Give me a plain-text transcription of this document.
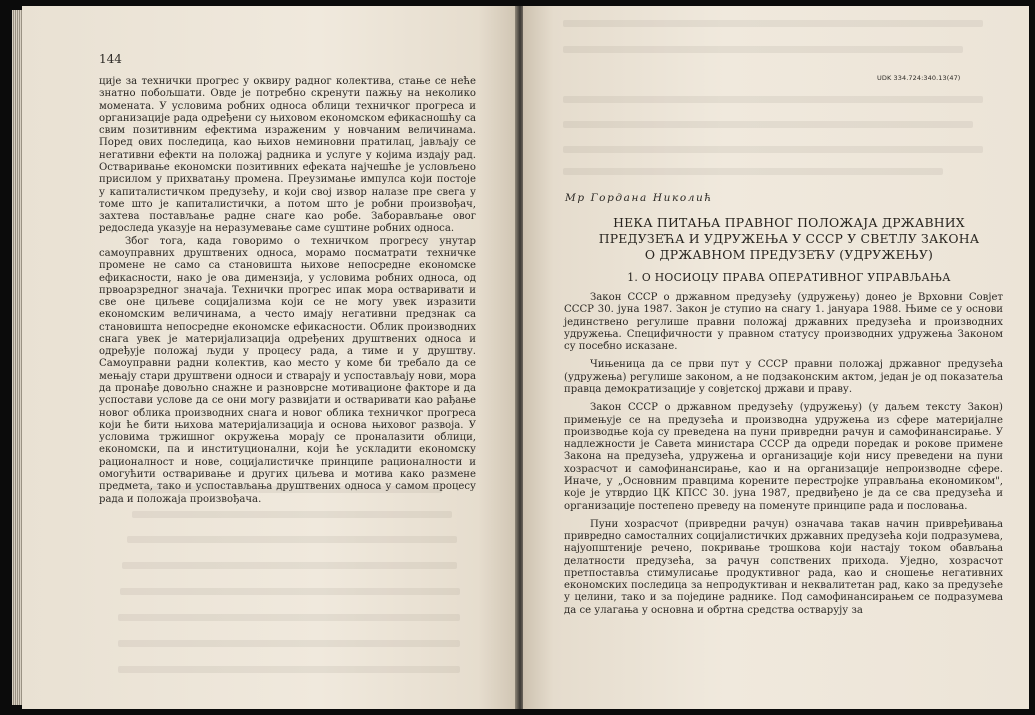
144

ције за технички прогрес у оквиру радног колектива, стање се неће знатно побољшати. Овде је потребно скренути пажњу на неколико момената. У условима робних односа облици техничког прогреса и организације рада одређени су њиховом економском ефикасношћу са свим позитивним ефектима израженим у новчаним величинама. Поред ових последица, као њихов неминовни пратилац, јављају се негативни ефекти на положај радника и услуге у којима издају рад. Остваривање економски позитивних ефеката најчешће је условљено присилом у прихватању промена. Преузимање импулса који постоје у капиталистичком предузећу, и који свој извор налазе пре свега у томе што је капиталистички, а потом што је робни произвођач, захтева постављање радне снаге као робе. Заборављање овог редоследа указује на неразумевање саме суштине робних односа.

Због тога, када говоримо о техничком прогресу унутар самоуправних друштвених односа, морамо посматрати техничке промене не само са становишта њихове непосредне економске ефикасности, нако је ова димензија, у условима робних односа, од првоарзредног значаја. Технички прогрес ипак мора остваривати и све оне циљеве социјализма који се не могу увек изразити економским величинама, а често имају негативни предзнак са становишта непосредне економске ефикасности. Облик производних снага увек је материјализација одређених друштвених односа и одређује положај људи у процесу рада, а тиме и у друштву. Самоуправни радни колектив, као место у коме би требало да се мењају стари друштвени односи и стварају и успостављају нови, мора да пронађе довољно снажне и разноврсне мотивационе факторе и да успостави услове да се они могу развијати и остваривати као рађање новог облика производних снага и новог облика техничког прогреса који ће бити њихова материјализација и основа њиховог развоја. У условима тржишног окружења морају се проналазити облици, економски, па и институционални, који ће ускладити економску рационалност и нове, социјалистичке принципе рационалности и омогућити остваривање и других циљева и мотива како размене предмета, тако и успостављања друштвених односа у самом процесу рада и положаја произвођача.

UDK 334.724:340.13(47)
Мр Гордана Николић
НЕКА ПИТАЊА ПРАВНОГ ПОЛОЖАЈА ДРЖАВНИХ
ПРЕДУЗЕЋА И УДРУЖЕЊА У СССР У СВЕТЛУ ЗАКОНА
О ДРЖАВНОМ ПРЕДУЗЕЋУ (УДРУЖЕЊУ)
1. О НОСИОЦУ ПРАВА ОПЕРАТИВНОГ УПРАВЉАЊА

Закон СССР о државном предузећу (удружењу) донео је Врховни Совјет СССР 30. јуна 1987. Закон је ступио на снагу 1. јануара 1988. Њиме се у основи јединствено регулише правни положај државних предузећа и производних удружења. Специфичности у правном статусу производних удружења Законом су посебно исказане.

Чињеница да се први пут у СССР правни положај државног предузећа (удружења) регулише законом, а не подзаконским актом, један је од показатеља правца демократизације у совјетској држави и праву.

Закон СССР о државном предузећу (удружењу) (у даљем тексту Закон) примењује се на предузећа и производна удружења из сфере материјалне производње која су преведена на пуни привредни рачун и самофинансирање. У надлежности је Савета министара СССР да одреди поредак и рокове примене Закона на предузећа, удружења и организације који нису преведени на пуни хозрасчот и самофинансирање, као и на организације непроизводне сфере. Иначе, у „Основним правцима корените перестројке управљања економиком", које је утврдио ЦК КПСС 30. јуна 1987, предвиђено је да се сва предузећа и организације постепено преведу на поменуте принципе рада и пословања.

Пуни хозрасчот (привредни рачун) означава такав начин привређивања привредно самосталних социјалистичких државних предузећа који подразумева, најуопштеније речено, покривање трошкова који настају током обављања делатности предузећа, за рачун сопствених прихода. Уједно, хозрасчот претпоставља стимулисање продуктивног рада, као и сношење негативних економских последица за непродуктиван и неквалитетан рад, како за предузеће у целини, тако и за поједине раднике. Под самофинансирањем се подразумева да се улагања у основна и обртна средства остварују за
